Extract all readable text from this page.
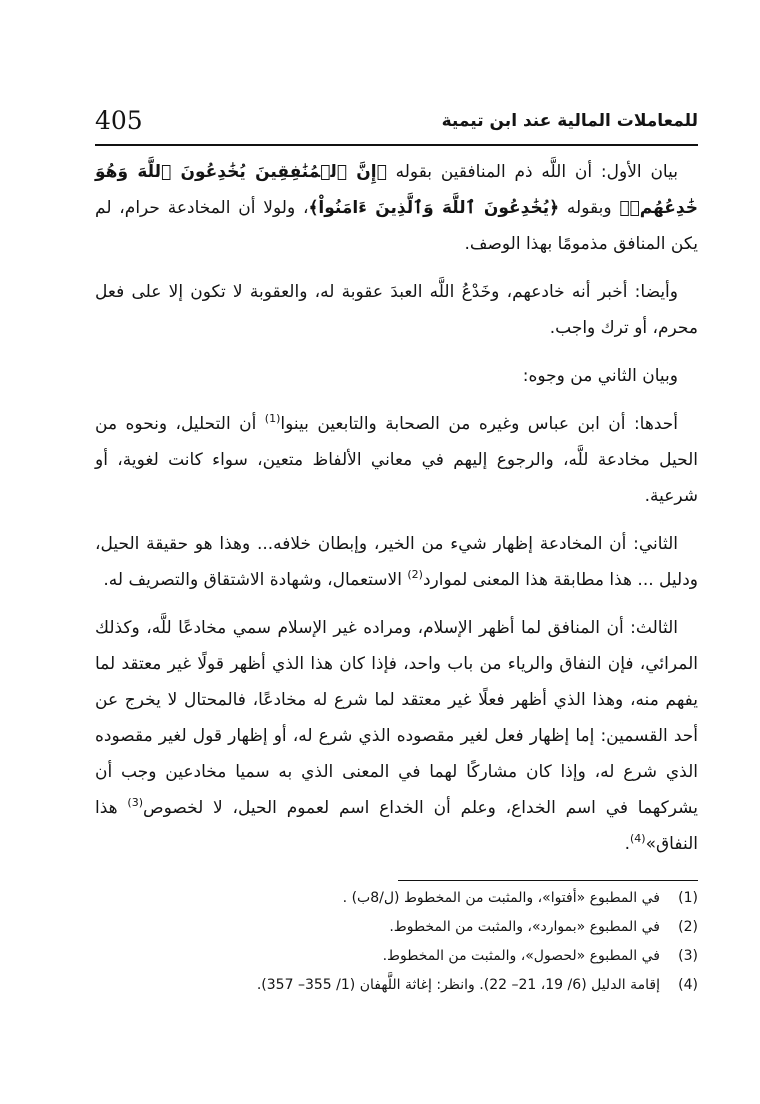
405	للمعاملات المالية عند ابن تيمية

بيان الأول: أن اللَّه ذم المنافقين بقوله ﴿إِنَّ ٱلۡمُنَٰفِقِينَ يُخَٰدِعُونَ ٱللَّهَ وَهُوَ خَٰدِعُهُمۡ﴾ وبقوله ﴿يُخَٰدِعُونَ ٱللَّهَ وَٱلَّذِينَ ءَامَنُواْ﴾، ولولا أن المخادعة حرام، لم يكن المنافق مذمومًا بهذا الوصف.

وأيضا: أخبر أنه خادعهم، وخَدْعُ اللَّه العبدَ عقوبة له، والعقوبة لا تكون إلا على فعل محرم، أو ترك واجب.

وبيان الثاني من وجوه:

أحدها: أن ابن عباس وغيره من الصحابة والتابعين بينوا$^{(1)}$ أن التحليل، ونحوه من الحيل مخادعة للَّه، والرجوع إليهم في معاني الألفاظ متعين، سواء كانت لغوية، أو شرعية.

الثاني: أن المخادعة إظهار شيء من الخير، وإبطان خلافه... وهذا هو حقيقة الحيل، ودليل ... هذا مطابقة هذا المعنى لموارد$^{(2)}$ الاستعمال، وشهادة الاشتقاق والتصريف له.

الثالث: أن المنافق لما أظهر الإسلام، ومراده غير الإسلام سمي مخادعًا للَّه، وكذلك المرائي، فإن النفاق والرياء من باب واحد، فإذا كان هذا الذي أظهر قولًا غير معتقد لما يفهم منه، وهذا الذي أظهر فعلًا غير معتقد لما شرع له مخادعًا، فالمحتال لا يخرج عن أحد القسمين: إما إظهار فعل لغير مقصوده الذي شرع له، أو إظهار قول لغير مقصوده الذي شرع له، وإذا كان مشاركًا لهما في المعنى الذي به سميا مخادعين وجب أن يشركهما في اسم الخداع، وعلم أن الخداع اسم لعموم الحيل، لا لخصوص$^{(3)}$ هذا النفاق»$^{(4)}$.

(1)
في المطبوع «أفتوا»، والمثبت من المخطوط (ل/8ب) .
(2)
في المطبوع «بموارد»، والمثبت من المخطوط.
(3)
في المطبوع «لحصول»، والمثبت من المخطوط.
(4)
إقامة الدليل (6/ 19، 21– 22). وانظر: إغاثة اللَّهفان (1/ 355– 357).
